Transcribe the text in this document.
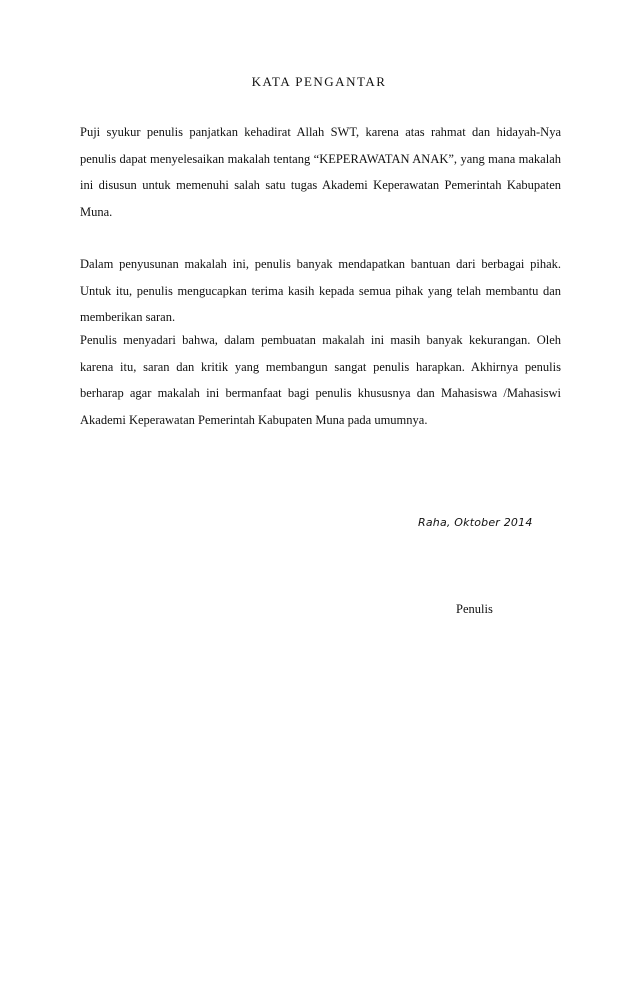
KATA PENGANTAR

Puji syukur penulis panjatkan kehadirat Allah SWT, karena atas rahmat dan hidayah-Nya penulis dapat menyelesaikan makalah tentang “KEPERAWATAN ANAK”, yang mana makalah ini disusun untuk memenuhi salah satu tugas Akademi Keperawatan Pemerintah Kabupaten Muna.

Dalam penyusunan makalah ini, penulis banyak mendapatkan bantuan dari berbagai pihak. Untuk itu, penulis mengucapkan terima kasih kepada semua pihak yang telah membantu dan memberikan saran.

Penulis menyadari bahwa, dalam pembuatan makalah ini masih banyak kekurangan. Oleh karena itu, saran dan kritik yang membangun sangat penulis harapkan. Akhirnya penulis berharap agar makalah ini bermanfaat bagi penulis khususnya dan Mahasiswa /Mahasiswi Akademi Keperawatan Pemerintah Kabupaten Muna pada umumnya.

Raha, Oktober 2014
Penulis
